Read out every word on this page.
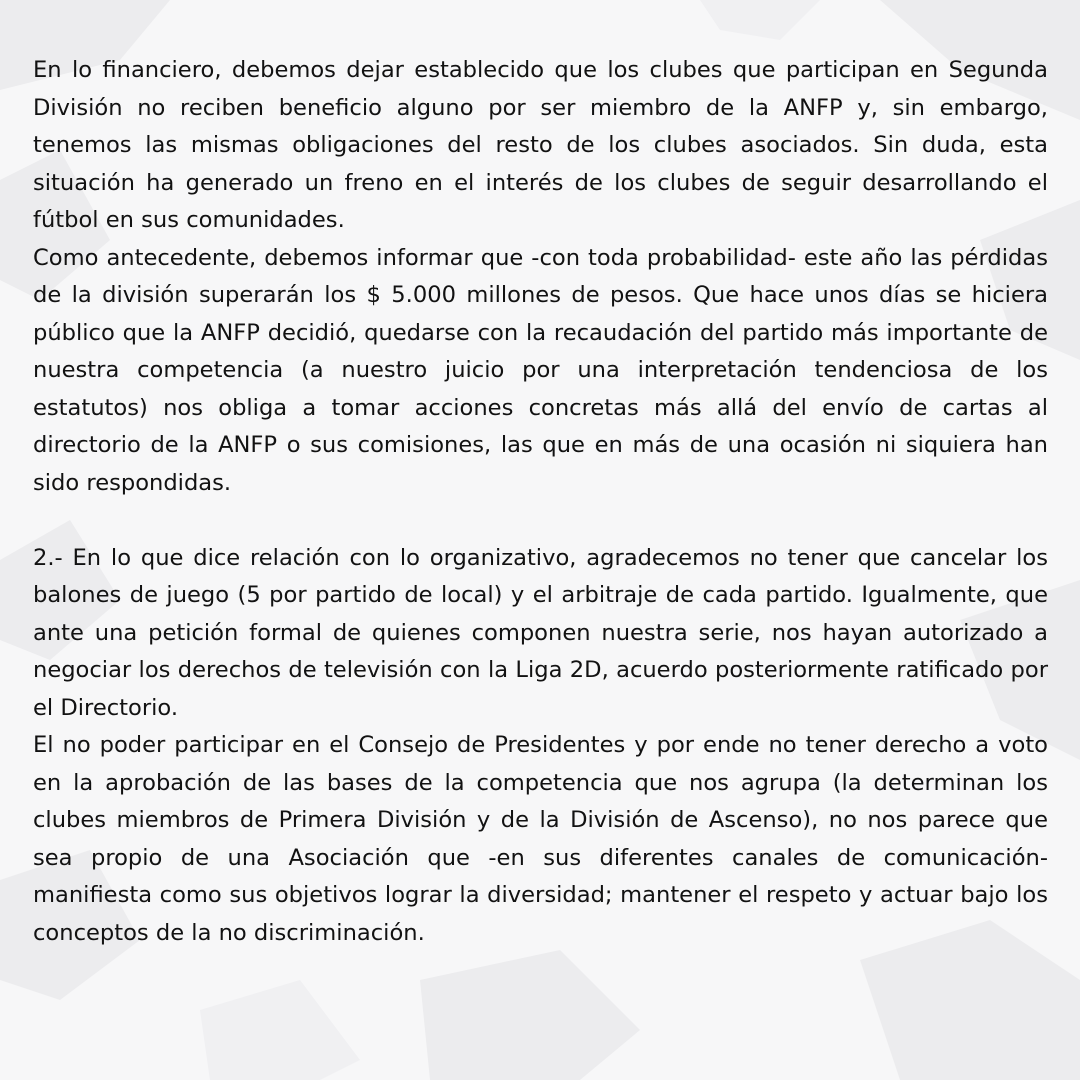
En lo financiero, debemos dejar establecido que los clubes que participan en Segunda División no reciben beneficio alguno por ser miembro de la ANFP y, sin embargo, tenemos las mismas obligaciones del resto de los clubes asociados. Sin duda, esta situación ha generado un freno en el interés de los clubes de seguir desarrollando el fútbol en sus comunidades.

Como antecedente, debemos informar que -con toda probabilidad- este año las pérdidas de la división superarán los $ 5.000 millones de pesos. Que hace unos días se hiciera público que la ANFP decidió, quedarse con la recaudación del partido más importante de nuestra competencia (a nuestro juicio por una interpretación tendenciosa de los estatutos) nos obliga a tomar acciones concretas más allá del envío de cartas al directorio de la ANFP o sus comisiones, las que en más de una ocasión ni siquiera han sido respondidas.

2.- En lo que dice relación con lo organizativo, agradecemos no tener que cancelar los balones de juego (5 por partido de local) y el arbitraje de cada partido. Igualmente, que ante una petición formal de quienes componen nuestra serie, nos hayan autorizado a negociar los derechos de televisión con la Liga 2D, acuerdo posteriormente ratificado por el Directorio.

El no poder participar en el Consejo de Presidentes y por ende no tener derecho a voto en la aprobación de las bases de la competencia que nos agrupa (la determinan los clubes miembros de Primera División y de la División de Ascenso), no nos parece que sea propio de una Asociación que -en sus diferentes canales de comunicación- manifiesta como sus objetivos lograr la diversidad; mantener el respeto y actuar bajo los conceptos de la no discriminación.
